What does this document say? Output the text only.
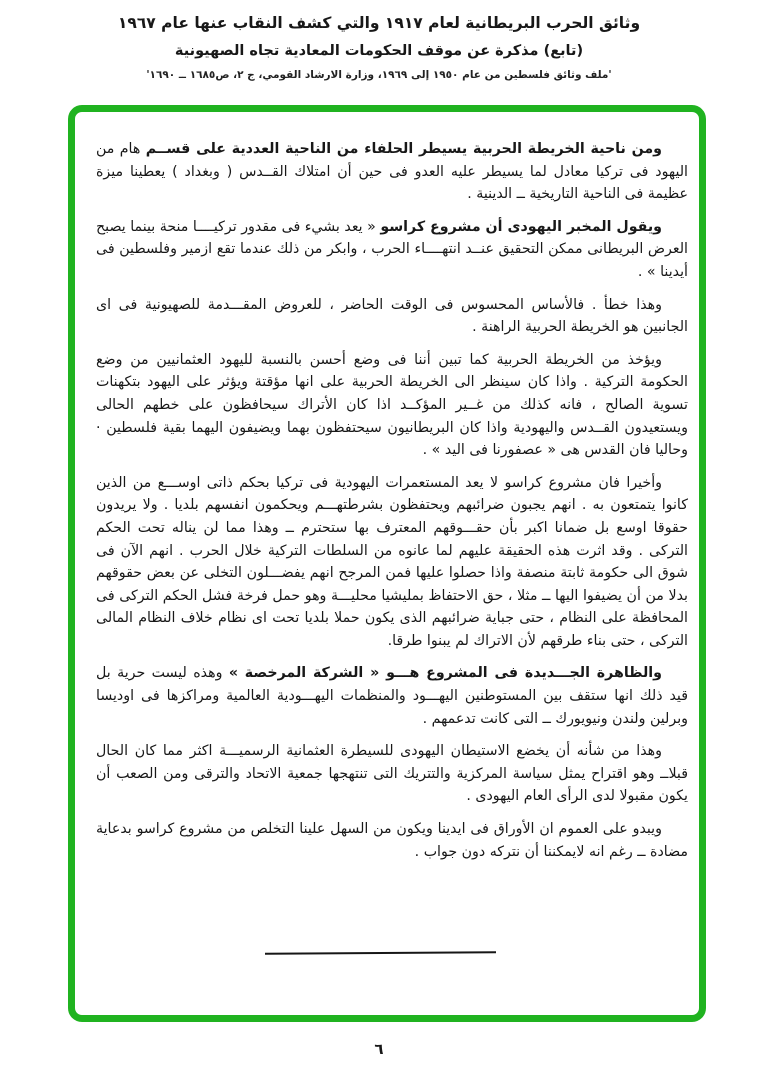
وثائق الحرب البريطانية لعام ١٩١٧ والتي كشف النقاب عنها عام ١٩٦٧
(تابع) مذكرة عن موقف الحكومات المعادية تجاه الصهيونية
'ملف وثائق فلسطين من عام ١٩٥٠ إلى ١٩٦٩، وزارة الارشاد القومي، ج ٢، ص١٦٨٥ ــ ١٦٩٠'

ومن ناحية الخريطة الحربية يسيطر الحلفاء من الناحية العددية على قســم هام من اليهود فى تركيا معادل لما يسيطر عليه العدو فى حين أن امتلاك القــدس ( وبغداد ) يعطينا ميزة عظيمة فى الناحية التاريخية ــ الدينية .

ويقول المخبر اليهودى أن مشروع كراسو « يعد بشيء فى مقدور تركيــــا منحة بينما يصبح العرض البريطانى ممكن التحقيق عنــد انتهــــاء الحرب ، وابكر من ذلك عندما تقع ازمير وفلسطين فى أيدينا » .

وهذا خطأ . فالأساس المحسوس فى الوقت الحاضر ، للعروض المقـــدمة للصهيونية فى اى الجانبين هو الخريطة الحربية الراهنة .

ويؤخذ من الخريطة الحربية كما تبين أننا فى وضع أحسن بالنسبة لليهود العثمانيين من وضع الحكومة التركية . واذا كان سينظر الى الخريطة الحربية على انها مؤقتة ويؤثر على اليهود بتكهنات تسوية الصالح ، فانه كذلك من غــير المؤكــد اذا كان الأتراك سيحافظون على خطهم الحالى ويستعيدون القــدس واليهودية واذا كان البريطانيون سيحتفظون بهما ويضيفون اليهما بقية فلسطين · وحاليا فان القدس هى « عصفورنا فى اليد » .

وأخيرا فان مشروع كراسو لا يعد المستعمرات اليهودية فى تركيا بحكم ذاتى اوســـع من الذين كانوا يتمتعون به . انهم يجبون ضرائبهم ويحتفظون بشرطتهـــم ويحكمون انفسهم بلديا . ولا يريدون حقوقا اوسع بل ضمانا اكبر بأن حقـــوقهم المعترف بها ستحترم ــ وهذا مما لن يناله تحت الحكم التركى . وقد اثرت هذه الحقيقة عليهم لما عانوه من السلطات التركية خلال الحرب . انهم الآن فى شوق الى حكومة ثابتة منصفة واذا حصلوا عليها فمن المرجح انهم يفضـــلون التخلى عن بعض حقوقهم بدلا من أن يضيفوا اليها ــ مثلا ، حق الاحتفاظ بمليشيا محليـــة وهو حمل فرخة فشل الحكم التركى فى المحافظة على النظام ، حتى جباية ضرائبهم الذى يكون حملا بلديا تحت اى نظام خلاف النظام المالى التركى ، حتى بناء طرقهم لأن الاتراك لم يبنوا طرقا.

والظاهرة الجـــديدة فى المشروع هـــو « الشركة المرخصة » وهذه ليست حرية بل قيد ذلك انها ستقف بين المستوطنين اليهـــود والمنظمات اليهـــودية العالمية ومراكزها فى اوديسا وبرلين ولندن ونيويورك ــ التى كانت تدعمهم .

وهذا من شأنه أن يخضع الاستيطان اليهودى للسيطرة العثمانية الرسميـــة اكثر مما كان الحال قبلاــ وهو اقتراح يمثل سياسة المركزية والتتريك التى تنتهجها جمعية الاتحاد والترقى ومن الصعب أن يكون مقبولا لدى الرأى العام اليهودى .

ويبدو على العموم ان الأوراق فى ايدينا ويكون من السهل علينا التخلص من مشروع كراسو بدعاية مضادة ــ رغم انه لايمكننا أن نتركه دون جواب .

٦
